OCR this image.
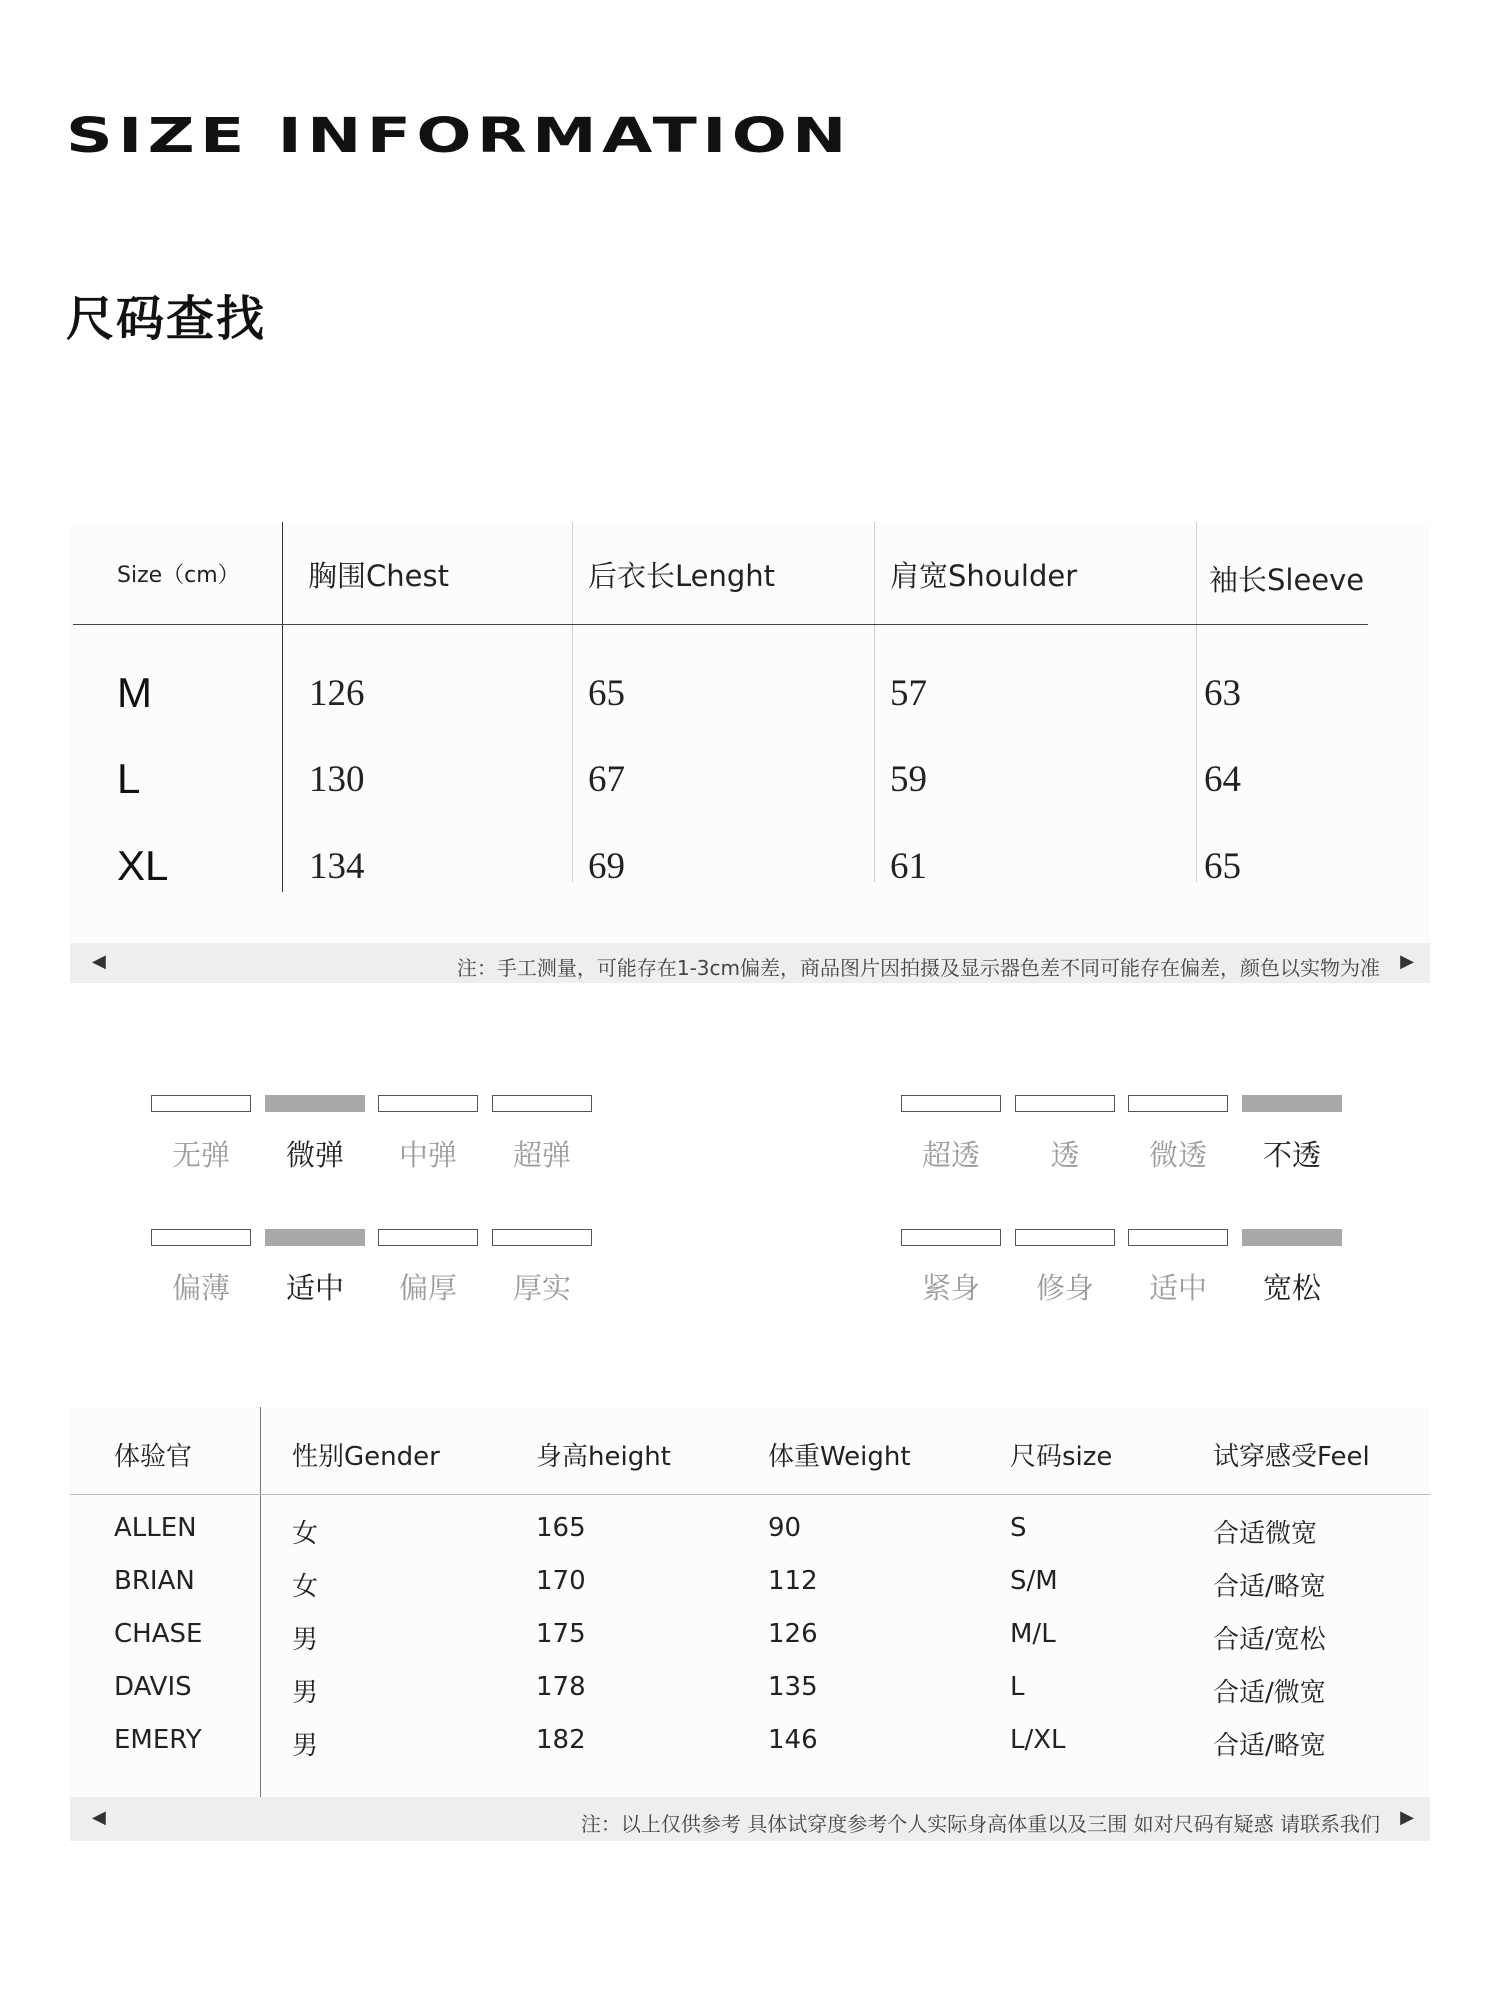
SIZE INFORMATION
尺码查找
Size（cm） 胸围Chest	后衣长Lenght	肩宽Shoulder	袖长Sleeve
M	126	65	57	63
L	130	67	59	64
XL	134	69	61	65
◀	注：手工测量，可能存在1-3cm偏差，商品图片因拍摄及显示器色差不同可能存在偏差，颜色以实物为准 ▶
无弹	微弹	中弹	超弹	超透	透	微透	不透
偏薄	适中	偏厚	厚实	紧身	修身	适中	宽松
体验官	性别Gender	身高height	体重Weight	尺码size	试穿感受Feel
ALLEN	女	165	90	S	合适微宽
BRIAN	女	170	112	S/M	合适/略宽
CHASE	男	175	126	M/L	合适/宽松
DAVIS	男	178	135	L	合适/微宽
EMERY	男	182	146	L/XL	合适/略宽
◀	注：以上仅供参考 具体试穿度参考个人实际身高体重以及三围 如对尺码有疑惑 请联系我们 ▶
